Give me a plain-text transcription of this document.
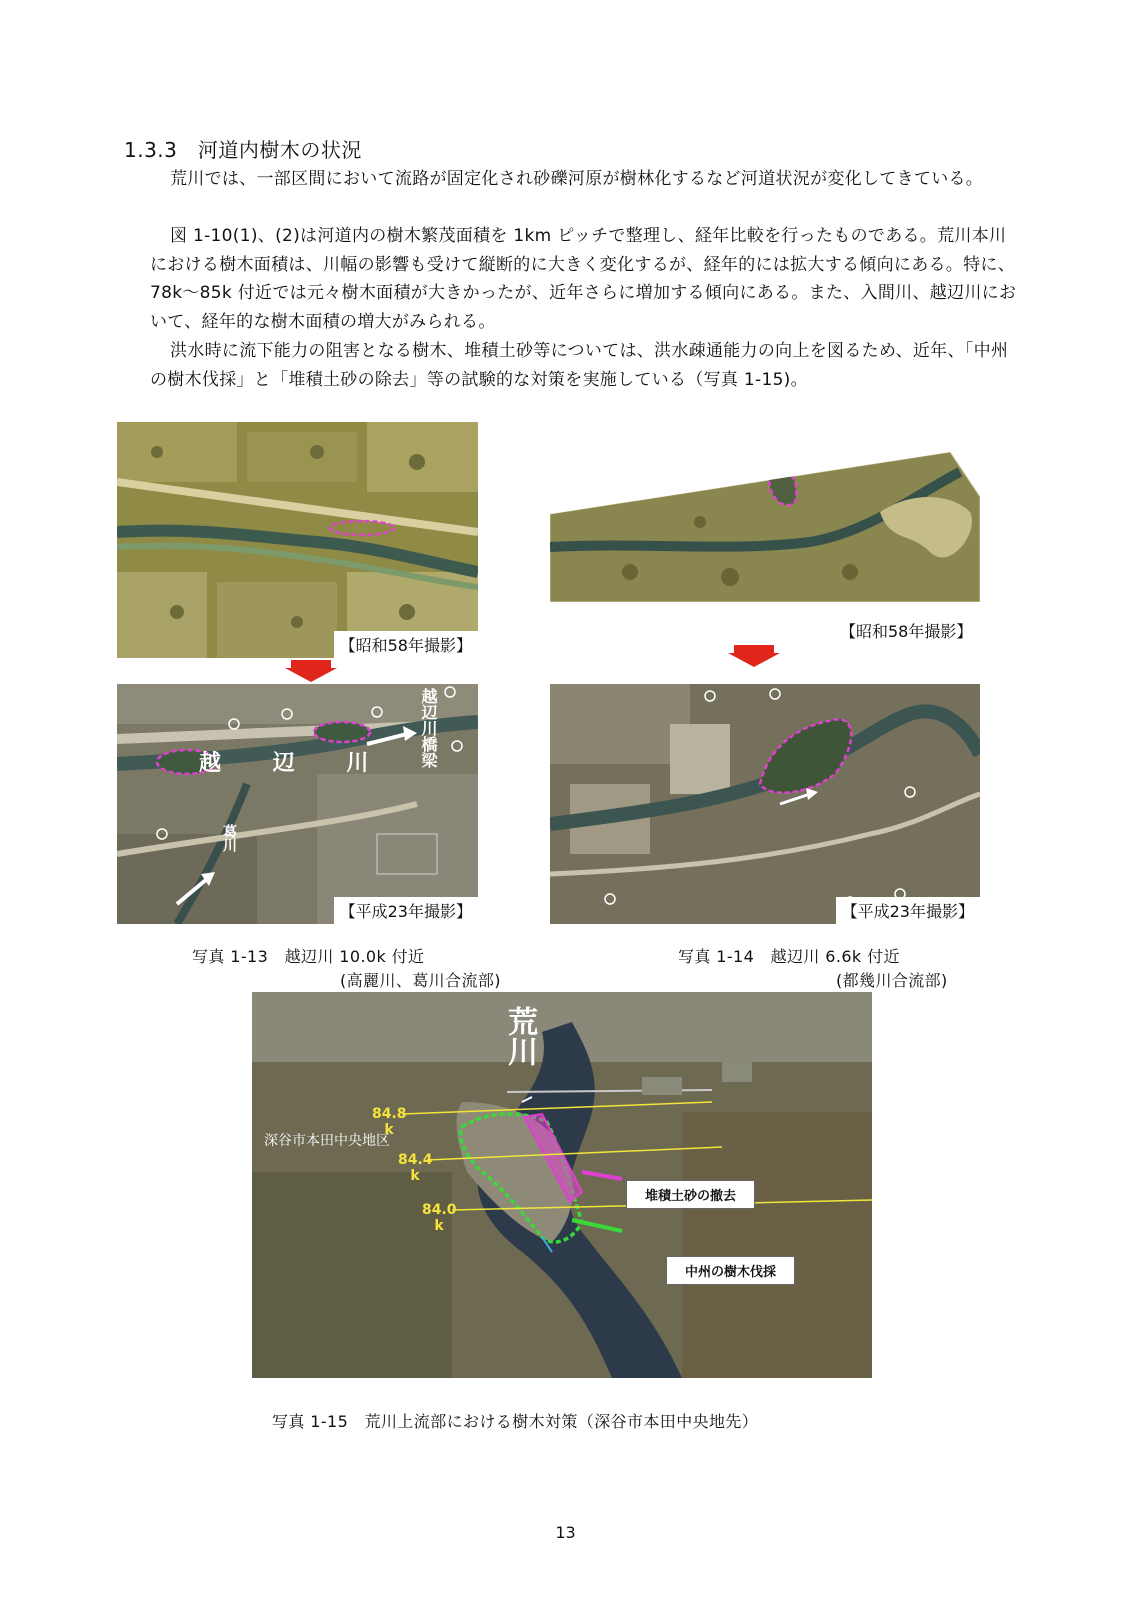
1.3.3　 河道内樹木の状況
荒川では、一部区間において流路が固定化され砂礫河原が樹林化するなど河道状況が変化してきている。
図 1-10(1)、(2)は河道内の樹木繁茂面積を 1km ピッチで整理し、経年比較を行ったものである。荒川本川における樹木面積は、川幅の影響も受けて縦断的に大きく変化するが、経年的には拡大する傾向にある。特に、78k～85k 付近では元々樹木面積が大きかったが、近年さらに増加する傾向にある。また、入間川、越辺川において、経年的な樹木面積の増大がみられる。
洪水時に流下能力の阻害となる樹木、堆積土砂等については、洪水疎通能力の向上を図るため、近年、「中州の樹木伐採」と「堆積土砂の除去」等の試験的な対策を実施している（写真 1-15)。
【昭和58年撮影】
越 辺 川 越辺川橋梁
葛川
【平成23年撮影】
【昭和58年撮影】
【平成23年撮影】
写真 1-13　越辺川 10.0k 付近
(高麗川、葛川合流部)
写真 1-14　越辺川 6.6k 付近
(都幾川合流部)
荒川
84.8 k
84.4 k
84.0 k
深谷市本田中央地区
堆積土砂の撤去
中州の樹木伐採
写真 1-15　荒川上流部における樹木対策（深谷市本田中央地先）
13
